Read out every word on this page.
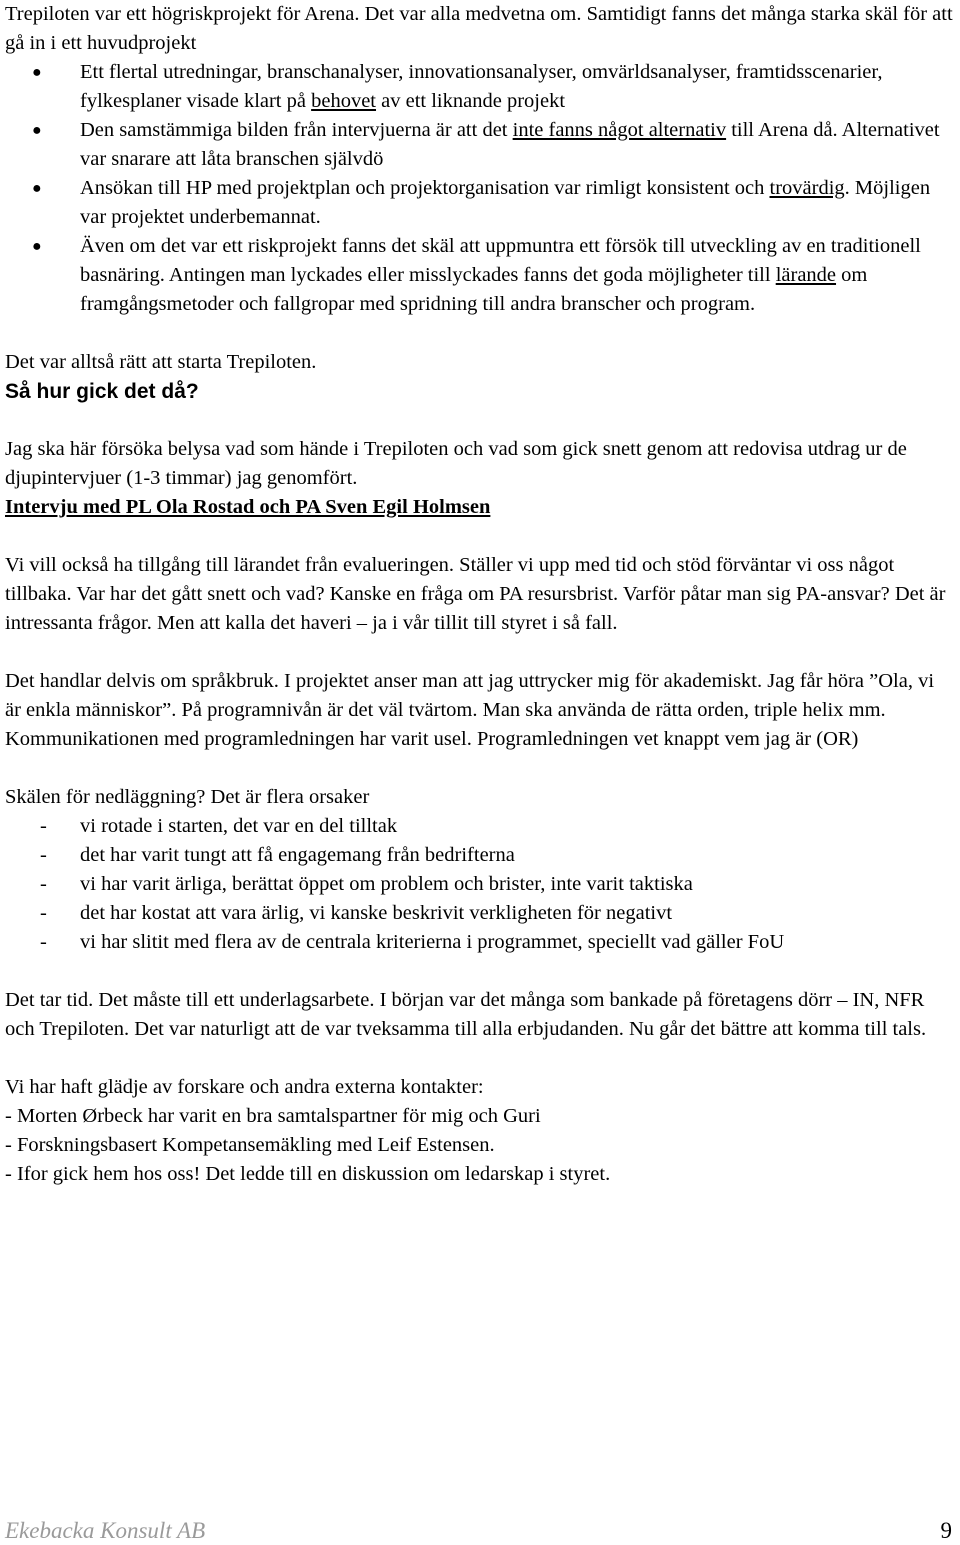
Trepiloten var ett högriskprojekt för Arena. Det var alla medvetna om. Samtidigt fanns det många starka skäl för att gå in i ett huvudprojekt

● Ett flertal utredningar, branschanalyser, innovationsanalyser, omvärldsanalyser, framtidsscenarier, fylkesplaner visade klart på behovet av ett liknande projekt
● Den samstämmiga bilden från intervjuerna är att det inte fanns något alternativ till Arena då. Alternativet var snarare att låta branschen självdö
● Ansökan till HP med projektplan och projektorganisation var rimligt konsistent och trovärdig. Möjligen var projektet underbemannat.
● Även om det var ett riskprojekt fanns det skäl att uppmuntra ett försök till utveckling av en traditionell basnäring. Antingen man lyckades eller misslyckades fanns det goda möjligheter till lärande om framgångsmetoder och fallgropar med spridning till andra branscher och program.

Det var alltså rätt att starta Trepiloten.

Så hur gick det då?

Jag ska här försöka belysa vad som hände i Trepiloten och vad som gick snett genom att redovisa utdrag ur de djupintervjuer (1-3 timmar) jag genomfört.

Intervju med PL Ola Rostad och PA Sven Egil Holmsen

Vi vill också ha tillgång till lärandet från evalueringen. Ställer vi upp med tid och stöd förväntar vi oss något tillbaka. Var har det gått snett och vad? Kanske en fråga om PA resursbrist. Varför påtar man sig PA-ansvar? Det är intressanta frågor. Men att kalla det haveri – ja i vår tillit till styret i så fall.

Det handlar delvis om språkbruk. I projektet anser man att jag uttrycker mig för akademiskt. Jag får höra ”Ola, vi är enkla människor”. På programnivån är det väl tvärtom. Man ska använda de rätta orden, triple helix mm. Kommunikationen med programledningen har varit usel. Programledningen vet knappt vem jag är (OR)

Skälen för nedläggning? Det är flera orsaker

- vi rotade i starten, det var en del tilltak
- det har varit tungt att få engagemang från bedrifterna
- vi har varit ärliga, berättat öppet om problem och brister, inte varit taktiska
- det har kostat att vara ärlig, vi kanske beskrivit verkligheten för negativt
- vi har slitit med flera av de centrala kriterierna i programmet, speciellt vad gäller FoU

Det tar tid. Det måste till ett underlagsarbete. I början var det många som bankade på företagens dörr – IN, NFR och Trepiloten. Det var naturligt att de var tveksamma till alla erbjudanden. Nu går det bättre att komma till tals.

Vi har haft glädje av forskare och andra externa kontakter:

- Morten Ørbeck har varit en bra samtalspartner för mig och Guri

- Forskningsbasert Kompetansemäkling med Leif Estensen.

- Ifor gick hem hos oss! Det ledde till en diskussion om ledarskap i styret.

Ekebacka Konsult AB	9
